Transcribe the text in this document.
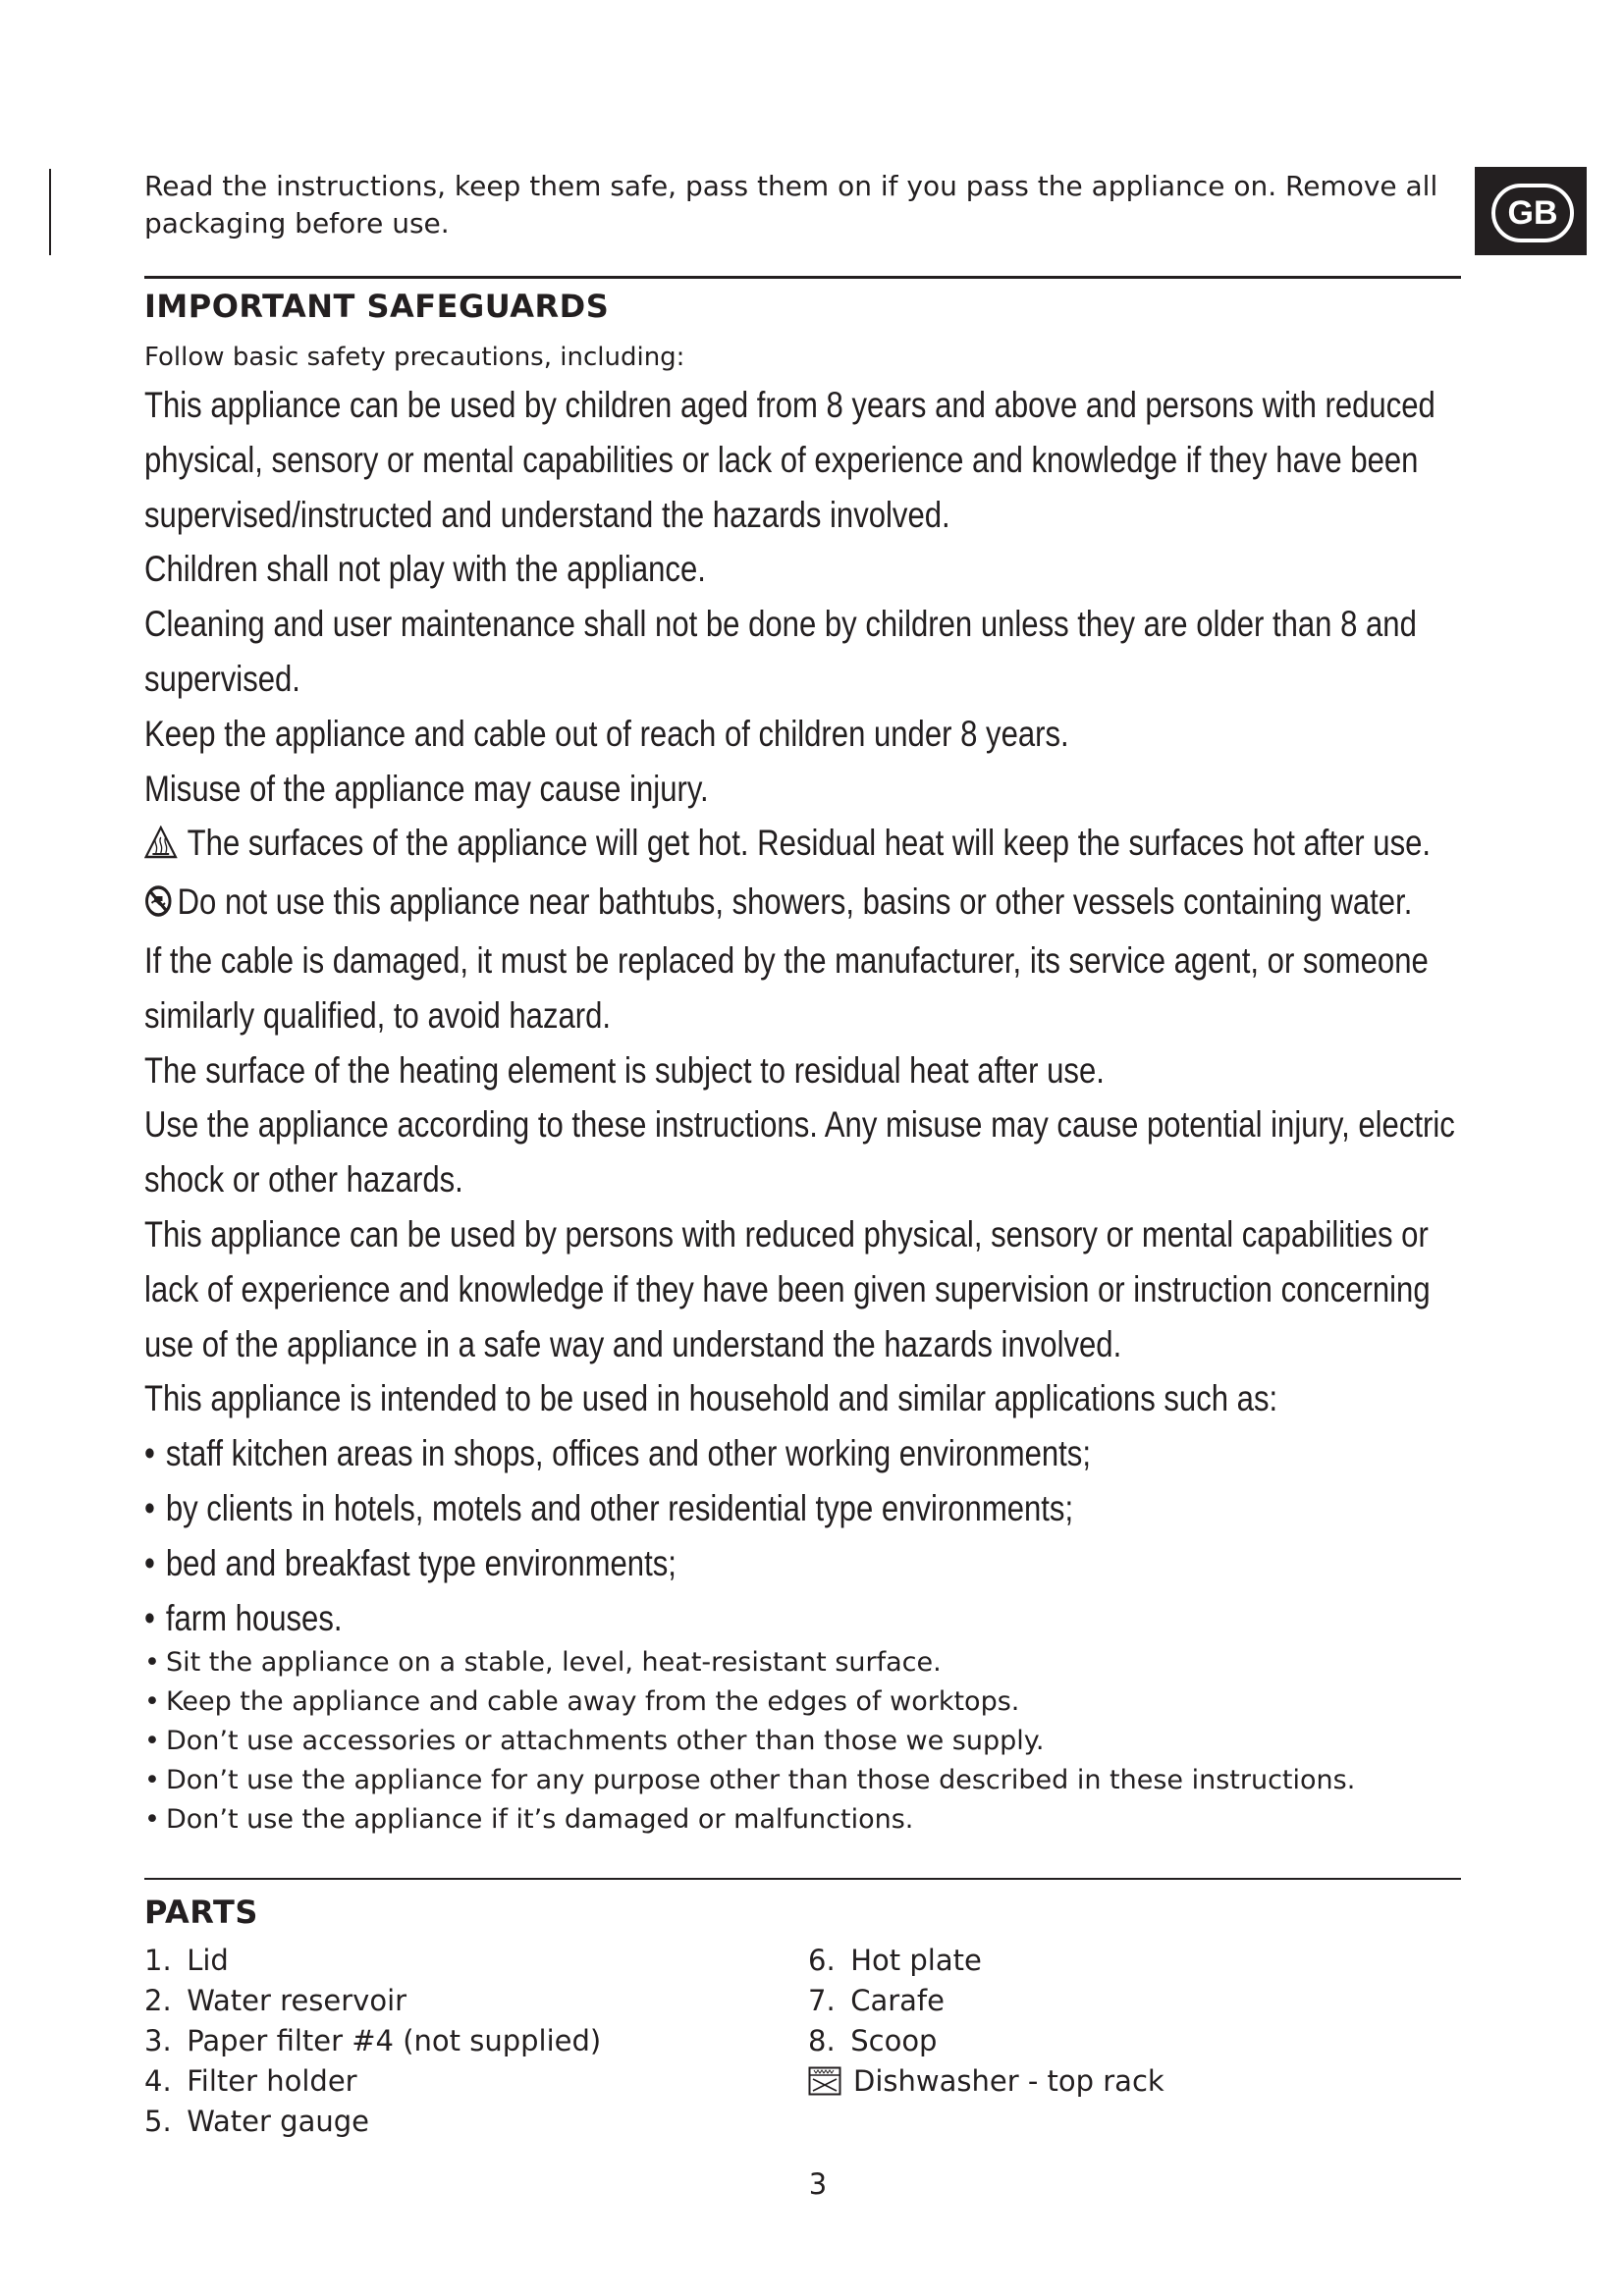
Read the instructions, keep them safe, pass them on if you pass the appliance on. Remove all packaging before use.	GB
IMPORTANT SAFEGUARDS
Follow basic safety precautions, including:

This appliance can be used by children aged from 8 years and above and persons with reduced physical, sensory or mental capabilities or lack of experience and knowledge if they have been supervised/instructed and understand the hazards involved.

Children shall not play with the appliance.

Cleaning and user maintenance shall not be done by children unless they are older than 8 and supervised.

Keep the appliance and cable out of reach of children under 8 years.

Misuse of the appliance may cause injury.

The surfaces of the appliance will get hot. Residual heat will keep the surfaces hot after use.

Do not use this appliance near bathtubs, showers, basins or other vessels containing water.

If the cable is damaged, it must be replaced by the manufacturer, its service agent, or someone similarly qualified, to avoid hazard.

The surface of the heating element is subject to residual heat after use.

Use the appliance according to these instructions. Any misuse may cause potential injury, electric shock or other hazards.

This appliance can be used by persons with reduced physical, sensory or mental capabilities or lack of experience and knowledge if they have been given supervision or instruction concerning use of the appliance in a safe way and understand the hazards involved.

This appliance is intended to be used in household and similar applications such as:

• staff kitchen areas in shops, offices and other working environments;
• by clients in hotels, motels and other residential type environments;
• bed and breakfast type environments;
• farm houses.
• Sit the appliance on a stable, level, heat-resistant surface.
• Keep the appliance and cable away from the edges of worktops.
• Don’t use accessories or attachments other than those we supply.
• Don’t use the appliance for any purpose other than those described in these instructions.
• Don’t use the appliance if it’s damaged or malfunctions.
PARTS
1. Lid
2. Water reservoir
3. Paper filter #4 (not supplied)
4. Filter holder
5. Water gauge
6. Hot plate
7. Carafe
8. Scoop
Dishwasher - top rack
3
